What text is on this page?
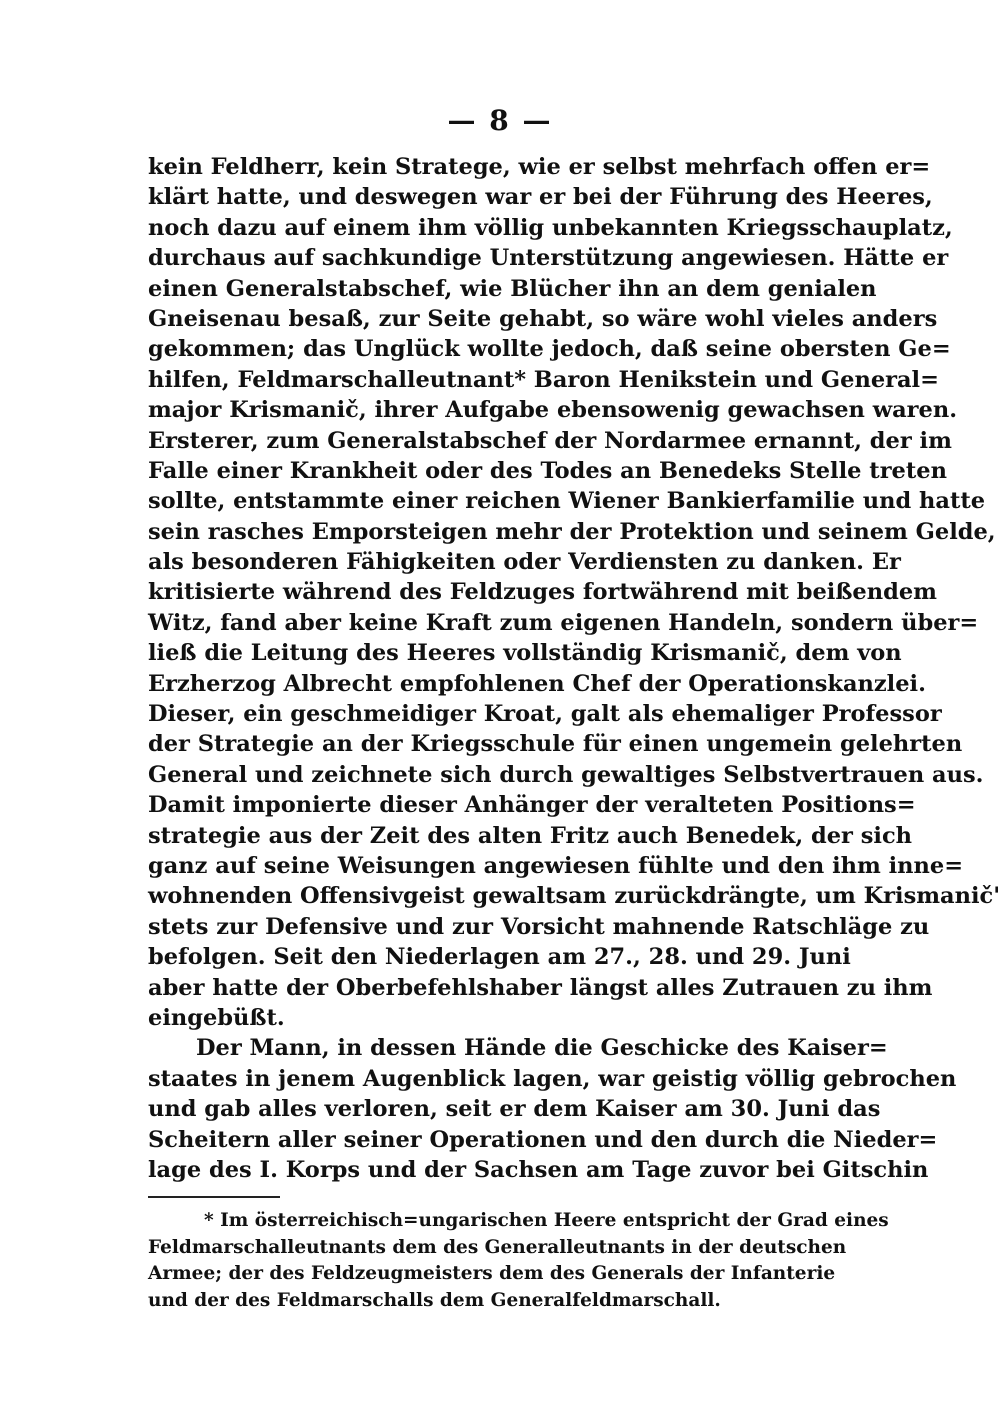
— 8 —
kein Feldherr, kein Stratege, wie er selbst mehrfach offen er=
klärt hatte, und deswegen war er bei der Führung des Heeres,
noch dazu auf einem ihm völlig unbekannten Kriegsschauplatz,
durchaus auf sachkundige Unterstützung angewiesen. Hätte er
einen Generalstabschef, wie Blücher ihn an dem genialen
Gneisenau besaß, zur Seite gehabt, so wäre wohl vieles anders
gekommen; das Unglück wollte jedoch, daß seine obersten Ge=
hilfen, Feldmarschalleutnant* Baron Henikstein und General=
major Krismanič, ihrer Aufgabe ebensowenig gewachsen waren.
Ersterer, zum Generalstabschef der Nordarmee ernannt, der im
Falle einer Krankheit oder des Todes an Benedeks Stelle treten
sollte, entstammte einer reichen Wiener Bankierfamilie und hatte
sein rasches Emporsteigen mehr der Protektion und seinem Gelde,
als besonderen Fähigkeiten oder Verdiensten zu danken. Er
kritisierte während des Feldzuges fortwährend mit beißendem
Witz, fand aber keine Kraft zum eigenen Handeln, sondern über=
ließ die Leitung des Heeres vollständig Krismanič, dem von
Erzherzog Albrecht empfohlenen Chef der Operationskanzlei.
Dieser, ein geschmeidiger Kroat, galt als ehemaliger Professor
der Strategie an der Kriegsschule für einen ungemein gelehrten
General und zeichnete sich durch gewaltiges Selbstvertrauen aus.
Damit imponierte dieser Anhänger der veralteten Positions=
strategie aus der Zeit des alten Fritz auch Benedek, der sich
ganz auf seine Weisungen angewiesen fühlte und den ihm inne=
wohnenden Offensivgeist gewaltsam zurückdrängte, um Krismanič'
stets zur Defensive und zur Vorsicht mahnende Ratschläge zu
befolgen. Seit den Niederlagen am 27., 28. und 29. Juni
aber hatte der Oberbefehlshaber längst alles Zutrauen zu ihm
eingebüßt.
Der Mann, in dessen Hände die Geschicke des Kaiser=
staates in jenem Augenblick lagen, war geistig völlig gebrochen
und gab alles verloren, seit er dem Kaiser am 30. Juni das
Scheitern aller seiner Operationen und den durch die Nieder=
lage des I. Korps und der Sachsen am Tage zuvor bei Gitschin
* Im österreichisch=ungarischen Heere entspricht der Grad eines
Feldmarschalleutnants dem des Generalleutnants in der deutschen
Armee; der des Feldzeugmeisters dem des Generals der Infanterie
und der des Feldmarschalls dem Generalfeldmarschall.
